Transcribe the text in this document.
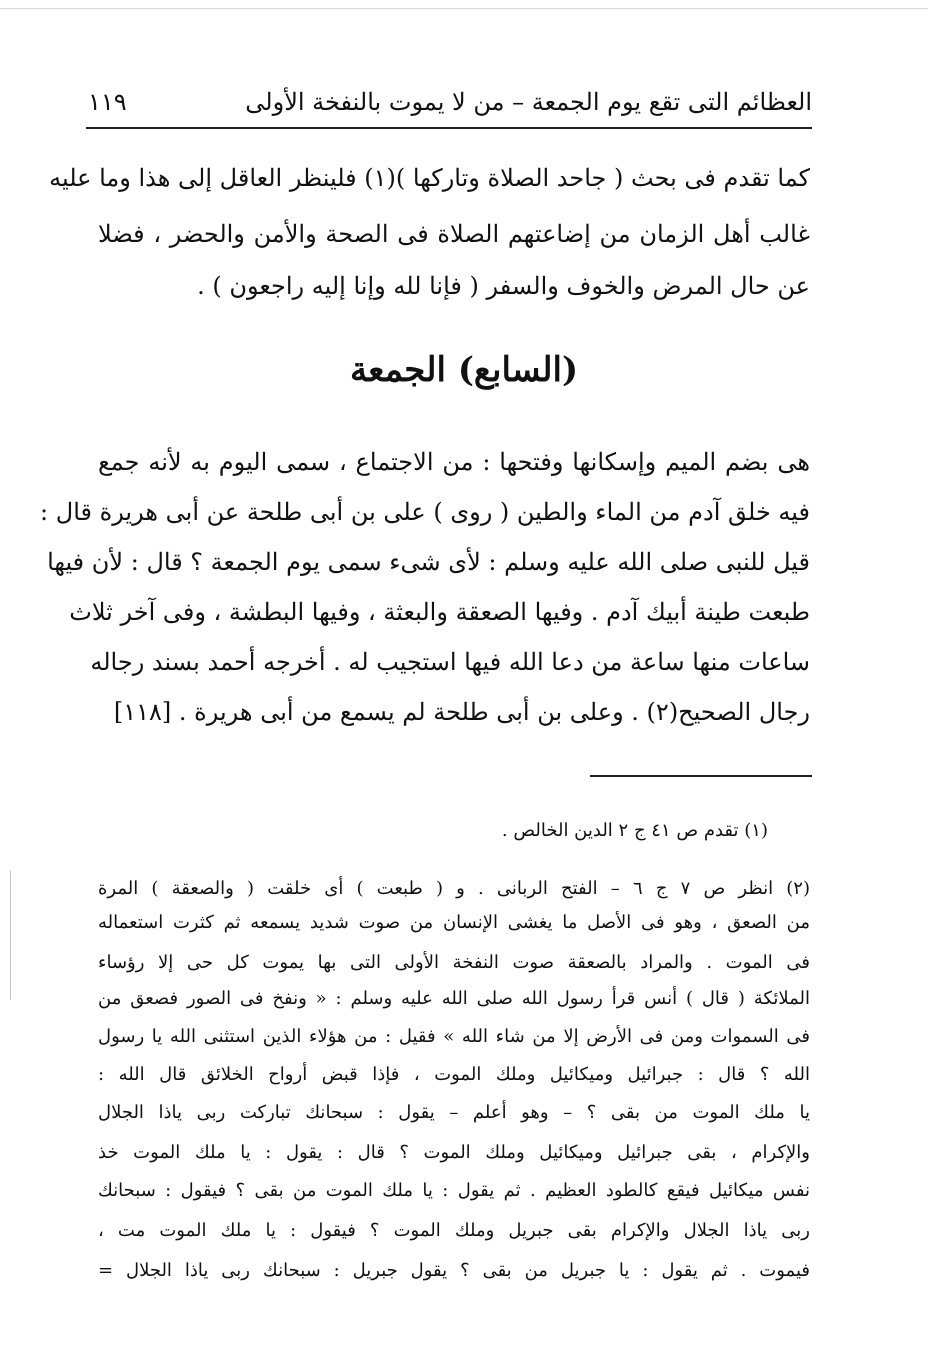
العظائم التى تقع يوم الجمعة – من لا يموت بالنفخة الأولى
١١٩
كما تقدم فى بحث ( جاحد الصلاة وتاركها )(١) فلينظر العاقل إلى هذا وما عليه
غالب أهل الزمان من إضاعتهم الصلاة فى الصحة والأمن والحضر ، فضلا
عن حال المرض والخوف والسفر ( فإنا لله وإنا إليه راجعون ) .
(السابع) الجمعة
هى بضم الميم وإسكانها وفتحها : من الاجتماع ، سمى اليوم به لأنه جمع
فيه خلق آدم من الماء والطين ( روى ) على بن أبى طلحة عن أبى هريرة قال :
قيل للنبى صلى الله عليه وسلم : لأى شىء سمى يوم الجمعة ؟ قال : لأن فيها
طبعت طينة أبيك آدم . وفيها الصعقة والبعثة ، وفيها البطشة ، وفى آخر ثلاث
ساعات منها ساعة من دعا الله فيها استجيب له . أخرجه أحمد بسند رجاله
رجال الصحيح(٢) . وعلى بن أبى طلحة لم يسمع من أبى هريرة . [١١٨]
(١) تقدم ص ٤١ ج ٢ الدين الخالص .
(٢) انظر ص ٧ ج ٦ – الفتح الربانى . و ( طبعت ) أى خلقت ( والصعقة ) المرة
من الصعق ، وهو فى الأصل ما يغشى الإنسان من صوت شديد يسمعه ثم كثرت استعماله
فى الموت . والمراد بالصعقة صوت النفخة الأولى التى بها يموت كل حى إلا رؤساء
الملائكة ( قال ) أنس قرأ رسول الله صلى الله عليه وسلم : « ونفخ فى الصور فصعق من
فى السموات ومن فى الأرض إلا من شاء الله » فقيل : من هؤلاء الذين استثنى الله يا رسول
الله ؟ قال : جبرائيل وميكائيل وملك الموت ، فإذا قبض أرواح الخلائق قال الله :
يا ملك الموت من بقى ؟ – وهو أعلم – يقول : سبحانك تباركت ربى ياذا الجلال
والإكرام ، بقى جبرائيل وميكائيل وملك الموت ؟ قال : يقول : يا ملك الموت خذ
نفس ميكائيل فيقع كالطود العظيم . ثم يقول : يا ملك الموت من بقى ؟ فيقول : سبحانك
ربى ياذا الجلال والإكرام بقى جبريل وملك الموت ؟ فيقول : يا ملك الموت مت ،
فيموت . ثم يقول : يا جبريل من بقى ؟ يقول جبريل : سبحانك ربى ياذا الجلال =
